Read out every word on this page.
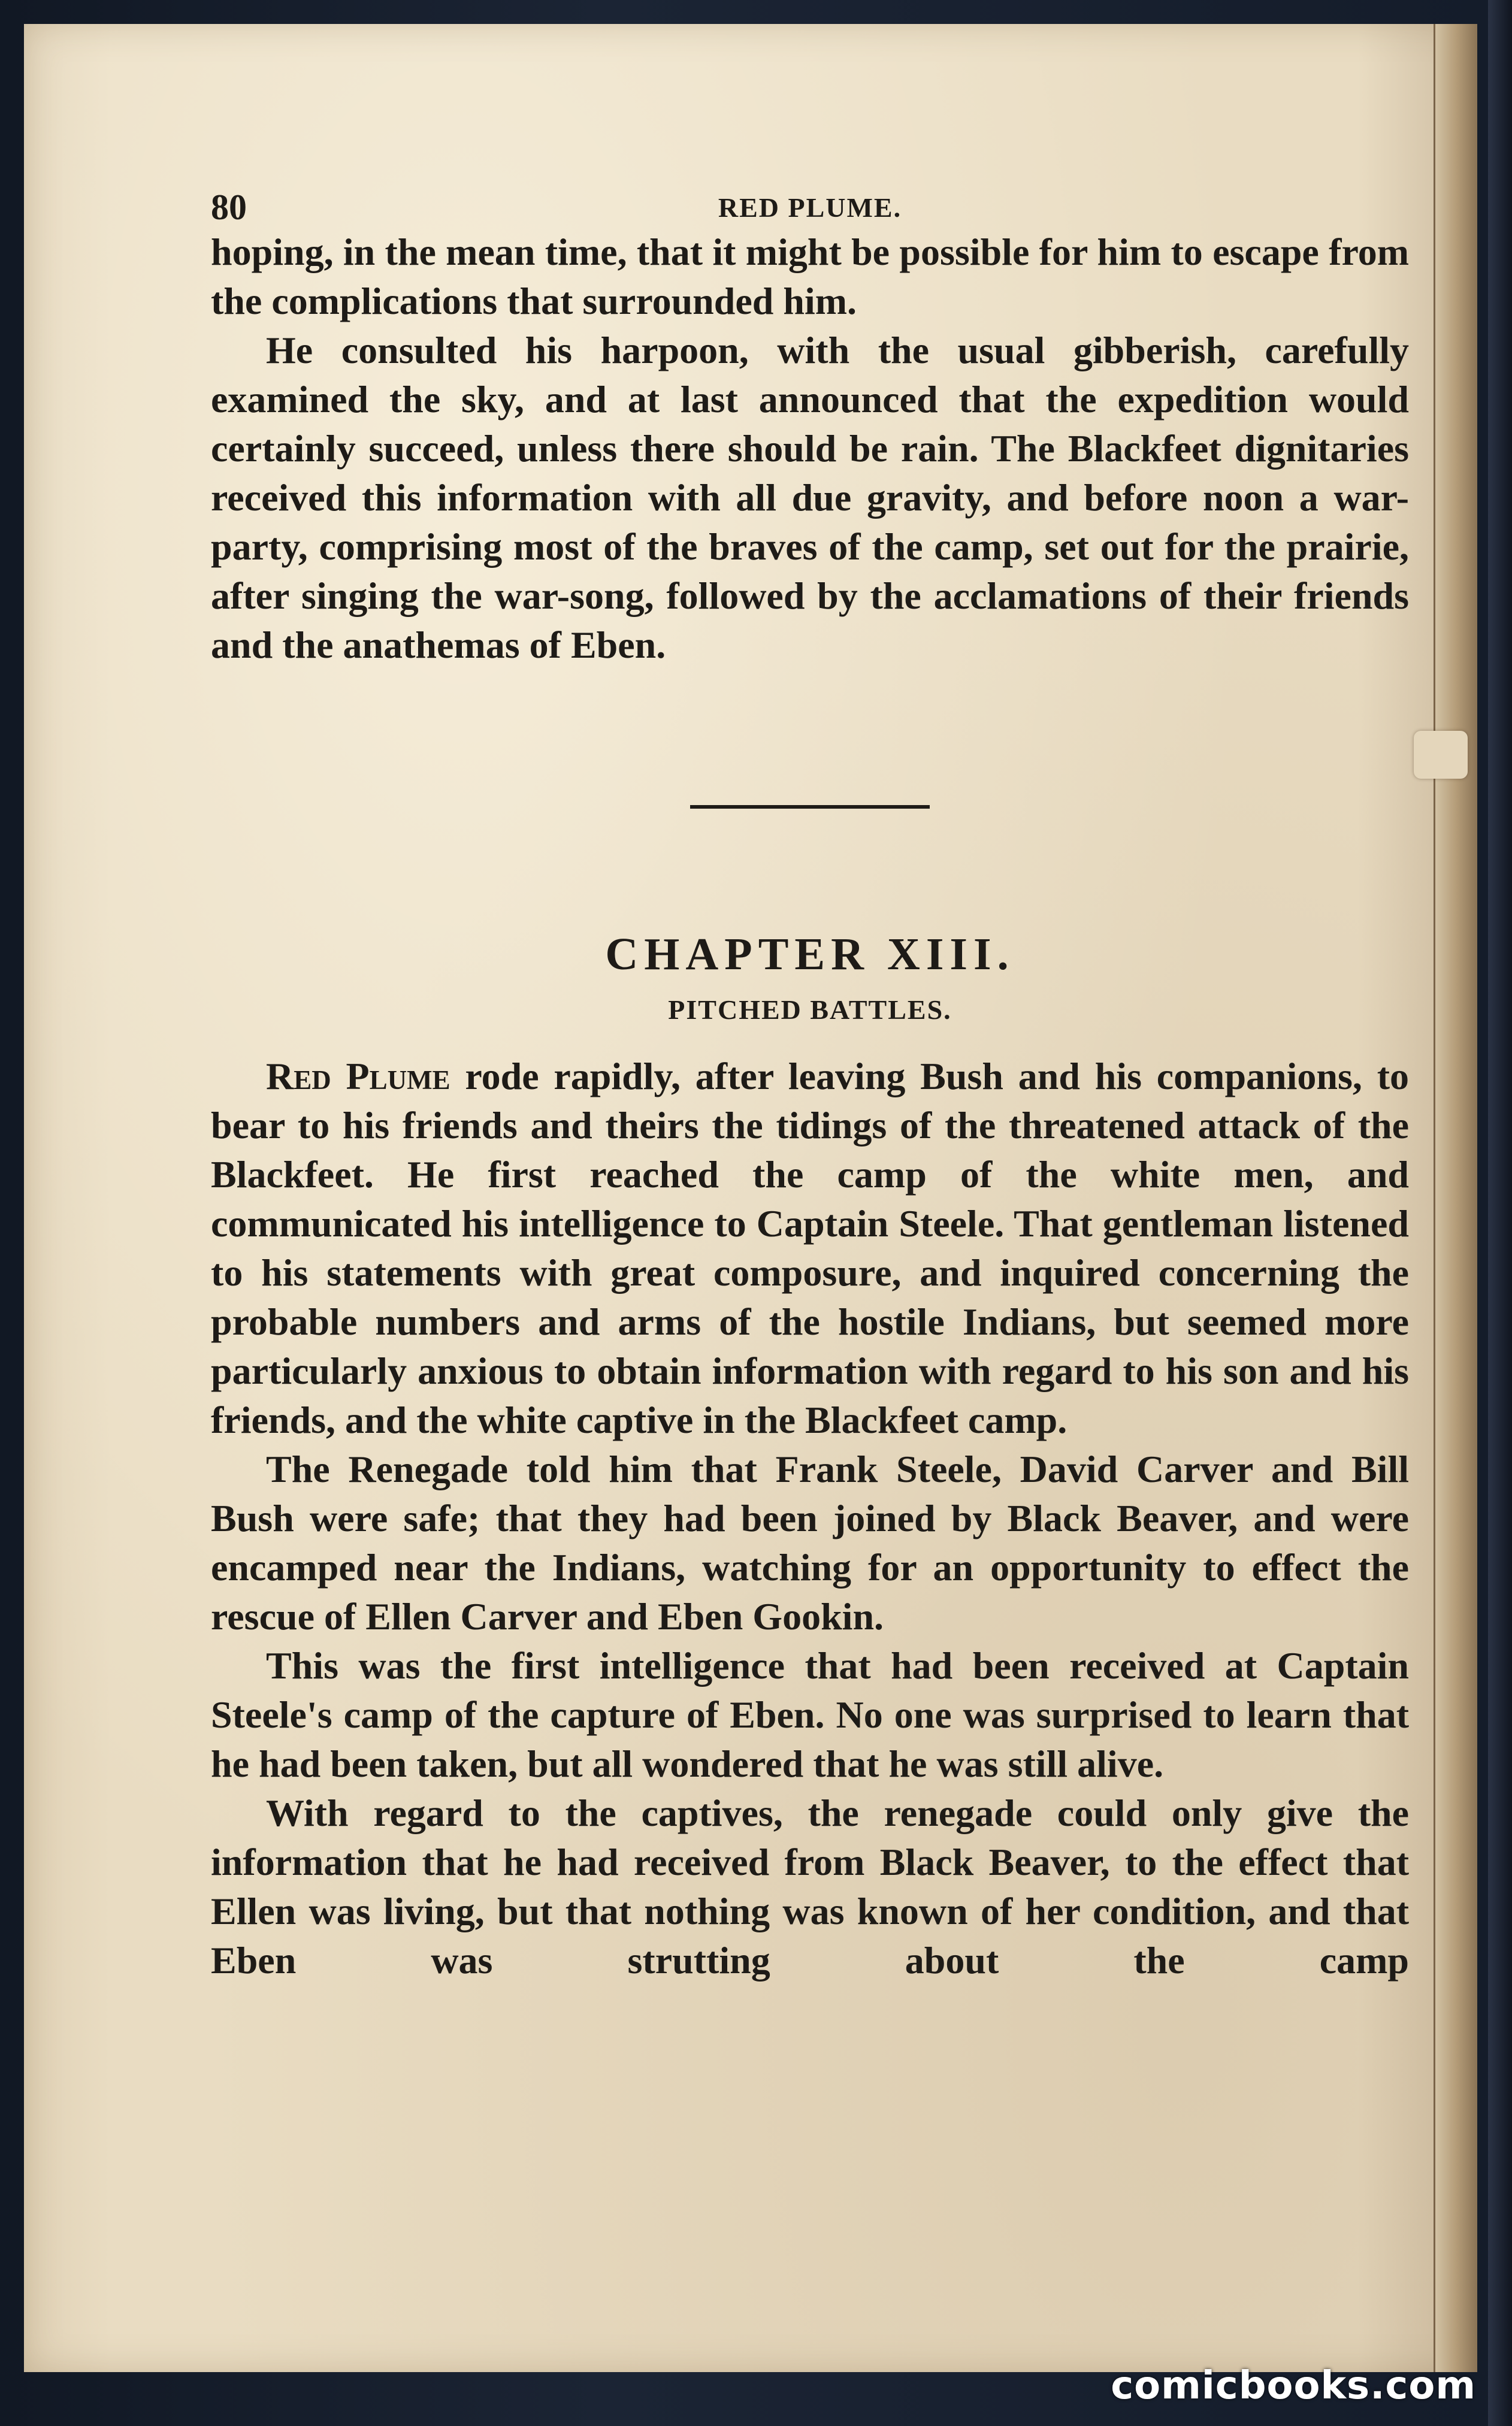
80	RED PLUME.

hoping, in the mean time, that it might be possible for him to escape from the complications that surrounded him.

He consulted his harpoon, with the usual gibberish, carefully examined the sky, and at last announced that the expedition would certainly succeed, unless there should be rain. The Blackfeet dignitaries received this information with all due gravity, and before noon a war-party, comprising most of the braves of the camp, set out for the prairie, after singing the war-song, followed by the acclamations of their friends and the anathemas of Eben.

CHAPTER XIII.
PITCHED BATTLES.

Red Plume rode rapidly, after leaving Bush and his companions, to bear to his friends and theirs the tidings of the threatened attack of the Blackfeet. He first reached the camp of the white men, and communicated his intelligence to Captain Steele. That gentleman listened to his statements with great composure, and inquired concerning the probable numbers and arms of the hostile Indians, but seemed more particularly anxious to obtain information with regard to his son and his friends, and the white captive in the Blackfeet camp.

The Renegade told him that Frank Steele, David Carver and Bill Bush were safe; that they had been joined by Black Beaver, and were encamped near the Indians, watching for an opportunity to effect the rescue of Ellen Carver and Eben Gookin.

This was the first intelligence that had been received at Captain Steele's camp of the capture of Eben. No one was surprised to learn that he had been taken, but all wondered that he was still alive.

With regard to the captives, the renegade could only give the information that he had received from Black Beaver, to the effect that Ellen was living, but that nothing was known of her condition, and that Eben was strutting about the camp

comicbooks.com
